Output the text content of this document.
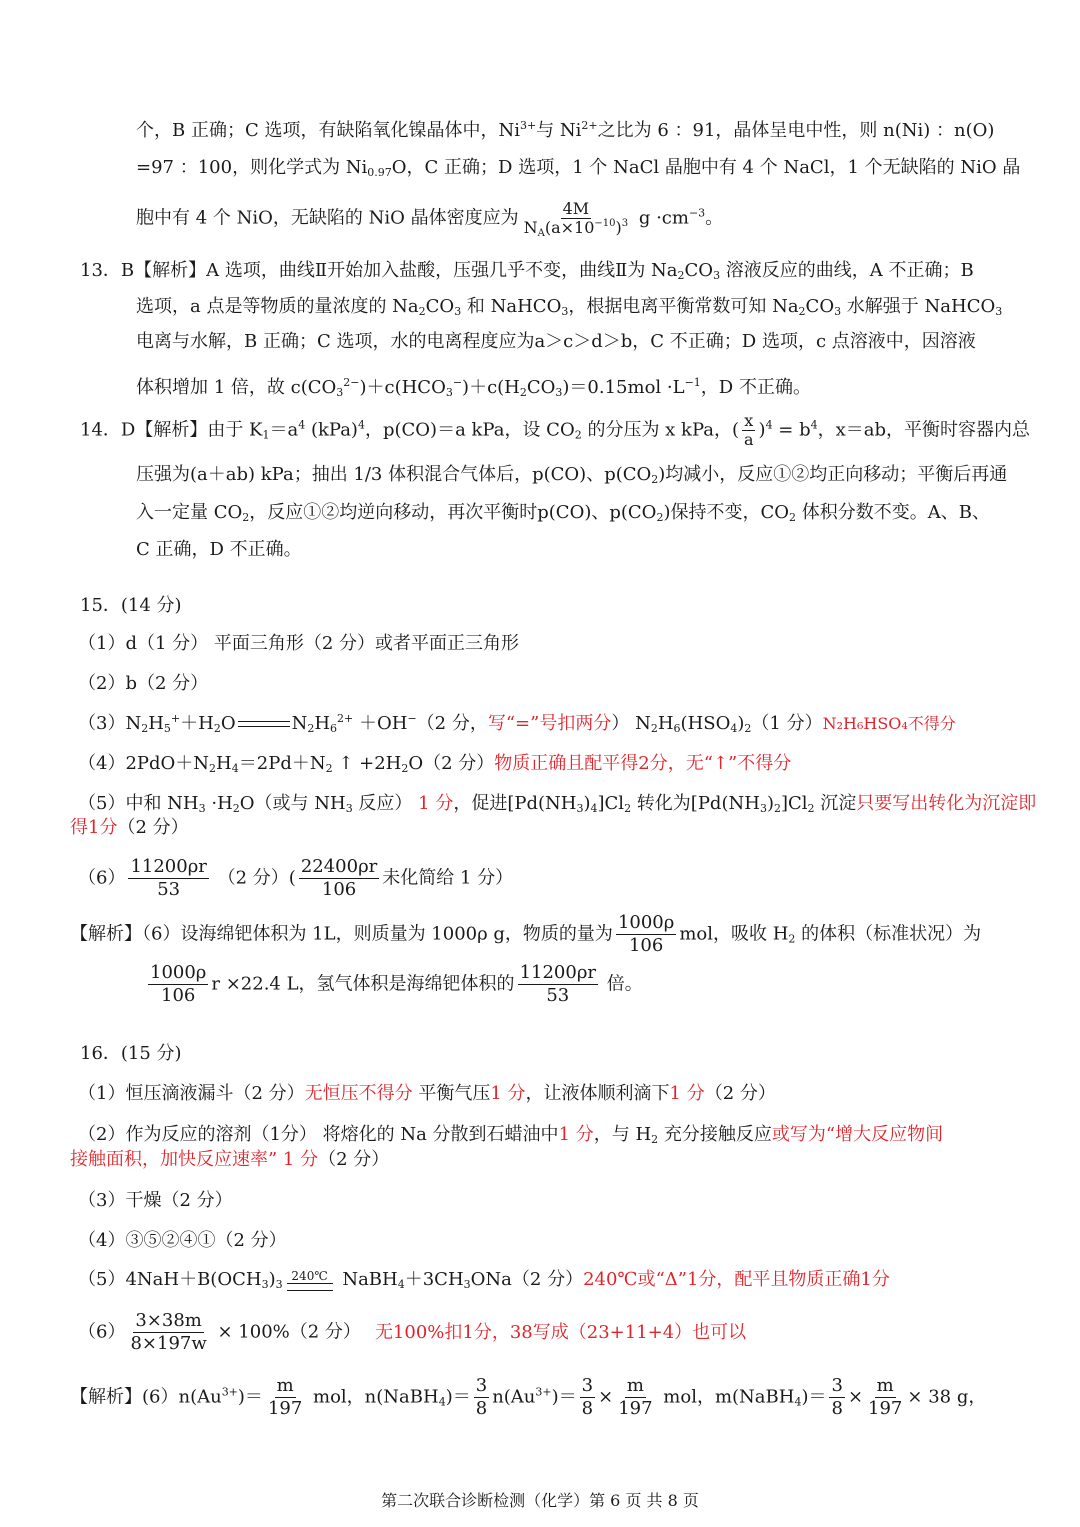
个，B 正确；C 选项，有缺陷氧化镍晶体中，$Ni^{3+}$与 $Ni^{2+}$之比为 6 ：91，晶体呈电中性，则 n(Ni) ：n(O)
=97 ：100，则化学式为 $Ni_{0.97}O$，C 正确；D 选项，1 个 NaCl 晶胞中有 4 个 NaCl，1 个无缺陷的 NiO 晶
胞中有 4 个 NiO，无缺陷的 NiO 晶体密度应为 $\frac{4M}{N_A(a\times 10^{-10})^3}$ $g \cdot cm^{-3}$。
13．B【解析】A 选项，曲线Ⅱ开始加入盐酸，压强几乎不变，曲线Ⅱ为 $Na_2CO_3$ 溶液反应的曲线，A 不正确；B
选项，a 点是等物质的量浓度的 $Na_2CO_3$ 和 NaHCO$_3$，根据电离平衡常数可知 $Na_2CO_3$ 水解强于 NaHCO$_3$
电离与水解，B 正确；C 选项，水的电离程度应为a＞c＞d＞b，C 不正确；D 选项，c 点溶液中，因溶液
体积增加 1 倍，故 $c(CO_3^{2-})+c(HCO_3^-)+c(H_2CO_3)=0.15mol \cdot L^{-1}$，D 不正确。
14．D【解析】由于 $K_1=a^4$ (kPa)$^4$，p(CO)＝a kPa，设 $CO_2$ 的分压为 x kPa，( $\frac{x}{a} )^4 = b^4$，x＝ab，平衡时容器内总
压强为(a＋ab) kPa；抽出 1/3 体积混合气体后，p(CO)、$p(CO_2)$均减小，反应①②均正向移动；平衡后再通
入一定量 $CO_2$，反应①②均逆向移动，再次平衡时p(CO)、$p(CO_2)$保持不变，$CO_2$ 体积分数不变。A、B、
C 正确，D 不正确。
15．(14 分)
（1）d（1 分） 平面三角形（2 分）或者平面正三角形
（2）b（2 分）
$(3)N_2H_5^++H_2O$	$N_2H_6^{2+} +OH^-(2$ 分，写“=”号扣两分） $N_2H_6(HSO_4)_2(1$ 分）N₂H₆HSO₄不得分
$(4)2PdO+N_2H_4=2Pd+N_2$ ↑ $+2H_2O(2$ 分）物质正确且配平得2分，无“↑”不得分
（5）中和 $NH_3 \cdot H_2O$（或与 $NH_3$ 反应） 1 分，促进$[Pd(NH_3)_4]Cl_2$ 转化为$[Pd(NH_3)_2]Cl_2$ 沉淀只要写出转化为沉淀即
得1分（2 分）
$(6) \frac{11200\rho r}{53} (2$ 分）( $\frac{22400\rho r}{106}$ 未化简给 1 分）
【解析】（6）设海绵钯体积为 1L，则质量为 1000ρ g，物质的量为 $\frac{1000\rho}{106}$ mol，吸收 $H_2$ 的体积（标准状况）为
$\frac{1000\rho}{106}$ r ×22.4 L，氢气体积是海绵钯体积的 $\frac{11200\rho r}{53}$ 倍。
16．(15 分)
（1）恒压滴液漏斗（2 分）无恒压不得分 平衡气压1 分，让液体顺利滴下1 分（2 分）
（2）作为反应的溶剂（1分） 将熔化的 Na 分散到石蜡油中1 分，与 $H_2$ 充分接触反应或写为“增大反应物间
接触面积，加快反应速率” 1 分（2 分）
（3）干燥（2 分）
（4）③⑤②④①（2 分）
$(5)4NaH+B(OCH_3)_3$
240℃ $NaBH_4+3CH_3ONa(2$ 分）240℃或“Δ”1分，配平且物质正确1分
$(6) \frac{3\times 38m}{8\times 197w} \times 100\%(2$ 分） 无100%扣1分，38写成（23+11+4）也可以
【解析】$(6)n(Au^{3+})= \frac{m}{197}$ mol，n(NaBH$_4$)＝ $\frac{3}{8} n(Au^{3+})= \frac{3}{8} \times \frac{m}{197}$ mol，m(NaBH$_4$)＝ $\frac{3}{8} \times \frac{m}{197} \times 38$ g，
第二次联合诊断检测（化学）第 6 页 共 8 页
